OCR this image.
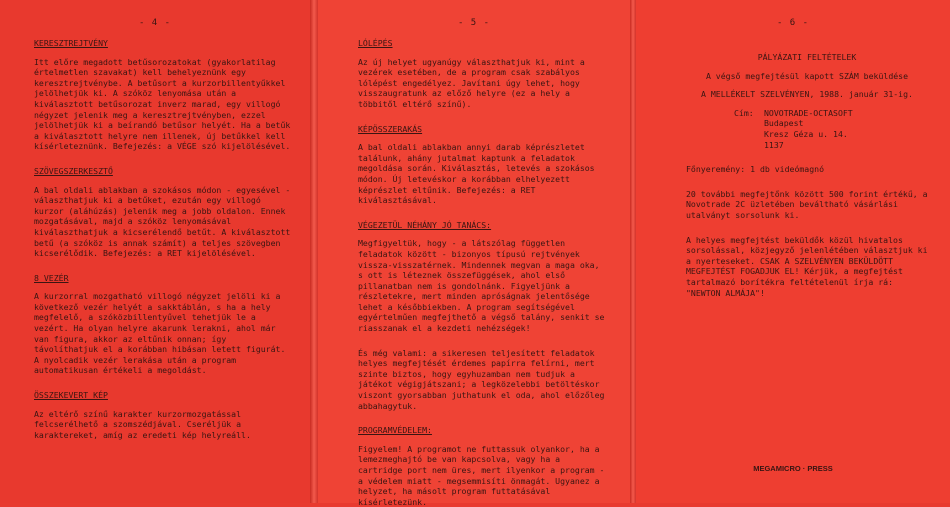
- 4 -

KERESZTREJTVÉNY

Itt előre megadott betűsorozatokat (gyakorlatilag értelmetlen szavakat) kell behelyeznünk egy keresztrejtvénybe. A betűsort a kurzorbillentyűkkel jelölhetjük ki. A szóköz lenyomása után a kiválasztott betűsorozat inverz marad, egy villogó négyzet jelenik meg a keresztrejtvényben, ezzel jelölhetjük ki a beírandó betűsor helyét. Ha a betűk a kiválasztott helyre nem illenek, új betűkkel kell kísérleteznünk. Befejezés: a VÉGE szó kijelölésével.

SZÖVEGSZERKESZTŐ

A bal oldali ablakban a szokásos módon - egyesével - választhatjuk ki a betűket, ezután egy villogó kurzor (aláhúzás) jelenik meg a jobb oldalon. Ennek mozgatásával, majd a szóköz lenyomásával kiválaszthatjuk a kicserélendő betűt. A kiválasztott betű (a szóköz is annak számít) a teljes szövegben kicserélődik. Befejezés: a RET kijelölésével.

8 VEZÉR

A kurzorral mozgatható villogó négyzet jelöli ki a következő vezér helyét a sakktáblán, s ha a hely megfelelő, a szóközbillentyűvel tehetjük le a vezért. Ha olyan helyre akarunk lerakni, ahol már van figura, akkor az eltűnik onnan; így távolíthatjuk el a korábban hibásan letett figurát. A nyolcadik vezér lerakása után a program automatikusan értékeli a megoldást.

ÖSSZEKEVERT KÉP

Az eltérő színű karakter kurzormozgatással felcserélhető a szomszédjával. Cseréljük a karaktereket, amíg az eredeti kép helyreáll.

- 5 -

LÓLÉPÉS

Az új helyet ugyanúgy választhatjuk ki, mint a vezérek esetében, de a program csak szabályos lólépést engedélyez. Javítani úgy lehet, hogy visszaugratunk az előző helyre (ez a hely a többitől eltérő színű).

KÉPÖSSZERAKÁS

A bal oldali ablakban annyi darab képrészletet találunk, ahány jutalmat kaptunk a feladatok megoldása során. Kiválasztás, letevés a szokásos módon. Új letevéskor a korábban elhelyezett képrészlet eltűnik. Befejezés: a RET kiválasztásával.

VÉGEZETÜL NÉHÁNY JÓ TANÁCS:

Megfigyeltük, hogy - a látszólag független feladatok között - bizonyos típusú rejtvények vissza-visszatérnek. Mindennek megvan a maga oka, s ott is léteznek összefüggések, ahol első pillanatban nem is gondolnánk. Figyeljünk a részletekre, mert minden apróságnak jelentősége lehet a későbbiekben. A program segítségével egyértelműen megfejthető a végső talány, senkit se riasszanak el a kezdeti nehézségek!

És még valami: a sikeresen teljesített feladatok helyes megfejtését érdemes papírra felírni, mert szinte biztos, hogy egyhuzamban nem tudjuk a játékot végigjátszani; a legközelebbi betöltéskor viszont gyorsabban juthatunk el oda, ahol előzőleg abbahagytuk.

PROGRAMVÉDELEM:

Figyelem! A programot ne futtassuk olyankor, ha a lemezmeghajtó be van kapcsolva, vagy ha a cartridge port nem üres, mert ilyenkor a program - a védelem miatt - megsemmisíti önmagát. Ugyanez a helyzet, ha másolt program futtatásával kísérletezünk.

- 6 -

PÁLYÁZATI FELTÉTELEK

A végső megfejtésül kapott SZÁM beküldése

A MELLÉKELT SZELVÉNYEN, 1988. január 31-ig.

Cím:	NOVOTRADE-OCTASOFT

Budapest

Kresz Géza u. 14.

1137

Főnyeremény: 1 db videómagnó

20 további megfejtőnk között 500 forint értékű, a Novotrade 2C üzletében beváltható vásárlási utalványt sorsolunk ki.

A helyes megfejtést beküldők közül hivatalos sorsolással, közjegyző jelenlétében választjuk ki a nyerteseket. CSAK A SZELVÉNYEN BEKÜLDÖTT MEGFEJTÉST FOGADJUK EL! Kérjük, a megfejtést tartalmazó borítékra feltételenül írja rá: "NEWTON ALMÁJA"!

MEGAMICRO · PRESS
